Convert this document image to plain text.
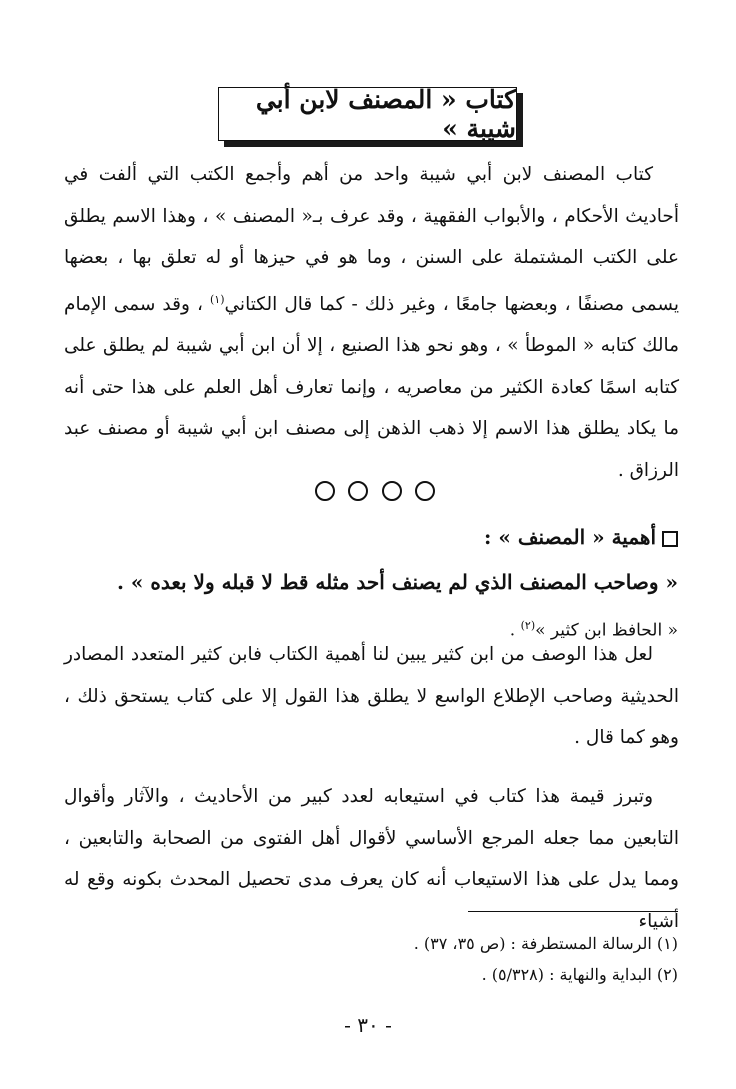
كتاب « المصنف لابن أبي شيبة »
كتاب المصنف لابن أبي شيبة واحد من أهم وأجمع الكتب التي ألفت في أحاديث الأحكام ، والأبواب الفقهية ، وقد عرف بـ« المصنف » ، وهذا الاسم يطلق على الكتب المشتملة على السنن ، وما هو في حيزها أو له تعلق بها ، بعضها يسمى مصنفًا ، وبعضها جامعًا ، وغير ذلك - كما قال الكتاني$^{(١)}$ ، وقد سمى الإمام مالك كتابه « الموطأ » ، وهو نحو هذا الصنيع ، إلا أن ابن أبي شيبة لم يطلق على كتابه اسمًا كعادة الكثير من معاصريه ، وإنما تعارف أهل العلم على هذا حتى أنه ما يكاد يطلق هذا الاسم إلا ذهب الذهن إلى مصنف ابن أبي شيبة أو مصنف عبد الرزاق .
أهمية « المصنف » :
« وصاحب المصنف الذي لم يصنف أحد مثله قط لا قبله ولا بعده » .
« الحافظ ابن كثير »$^{(٢)}$ .
لعل هذا الوصف من ابن كثير يبين لنا أهمية الكتاب فابن كثير المتعدد المصادر الحديثية وصاحب الإطلاع الواسع لا يطلق هذا القول إلا على كتاب يستحق ذلك ، وهو كما قال .
وتبرز قيمة هذا كتاب في استيعابه لعدد كبير من الأحاديث ، والآثار وأقوال التابعين مما جعله المرجع الأساسي لأقوال أهل الفتوى من الصحابة والتابعين ، ومما يدل على هذا الاستيعاب أنه كان يعرف مدى تحصيل المحدث بكونه وقع له أشياء
(١) الرسالة المستطرفة : (ص ٣٥، ٣٧) .
(٢) البداية والنهاية : (٥/٣٢٨) .
- ٣٠ -
